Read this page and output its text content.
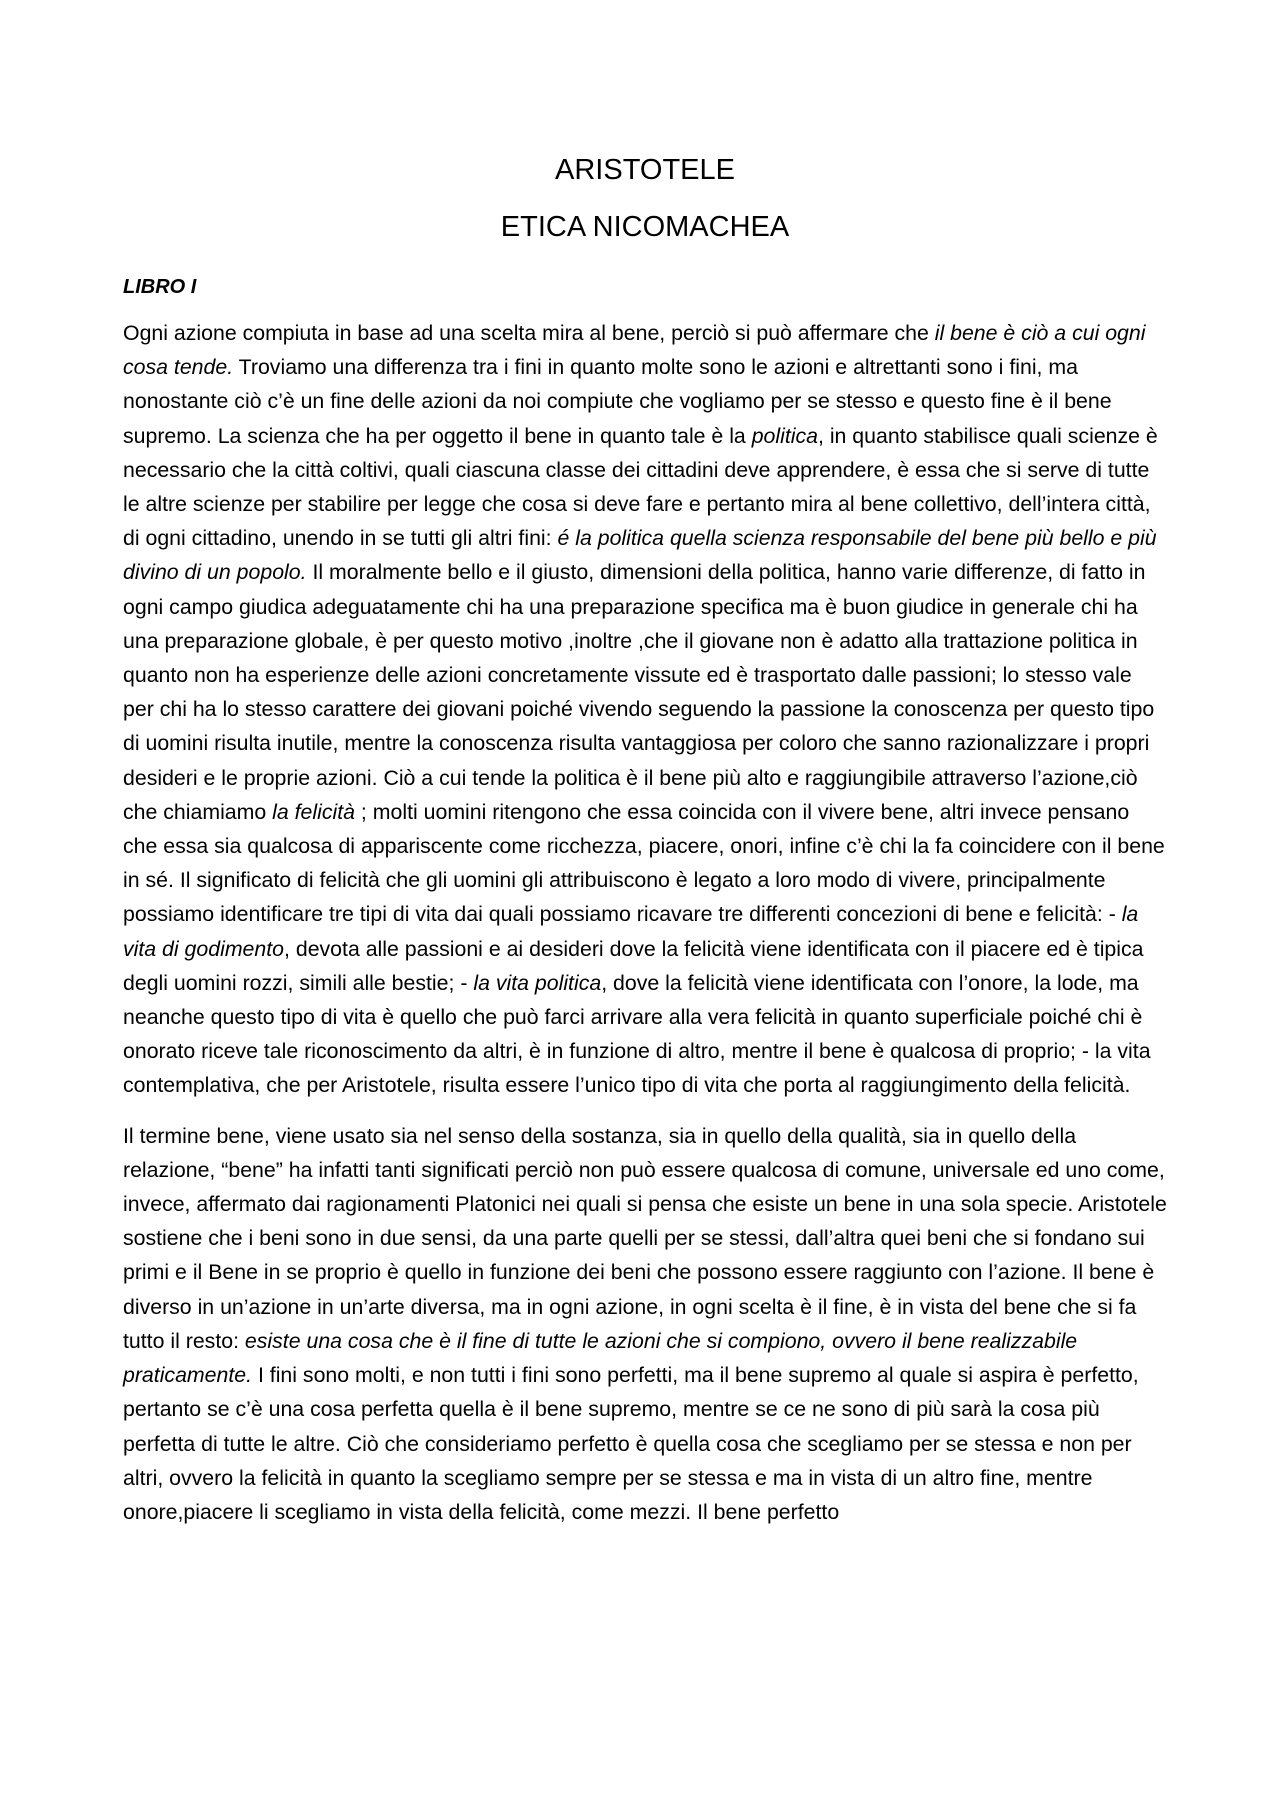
ARISTOTELE
ETICA NICOMACHEA
LIBRO I

Ogni azione compiuta in base ad una scelta mira al bene, perciò si può affermare che il bene è ciò a cui ogni cosa tende. Troviamo una differenza tra i fini in quanto molte sono le azioni e altrettanti sono i fini, ma nonostante ciò c’è un fine delle azioni da noi compiute che vogliamo per se stesso e questo fine è il bene supremo. La scienza che ha per oggetto il bene in quanto tale è la politica, in quanto stabilisce quali scienze è necessario che la città coltivi, quali ciascuna classe dei cittadini deve apprendere, è essa che si serve di tutte le altre scienze per stabilire per legge che cosa si deve fare e pertanto mira al bene collettivo, dell’intera città, di ogni cittadino, unendo in se tutti gli altri fini: é la politica quella scienza responsabile del bene più bello e più divino di un popolo. Il moralmente bello e il giusto, dimensioni della politica, hanno varie differenze, di fatto in ogni campo giudica adeguatamente chi ha una preparazione specifica ma è buon giudice in generale chi ha una preparazione globale, è per questo motivo ,inoltre ,che il giovane non è adatto alla trattazione politica in quanto non ha esperienze delle azioni concretamente vissute ed è trasportato dalle passioni; lo stesso vale per chi ha lo stesso carattere dei giovani poiché vivendo seguendo la passione la conoscenza per questo tipo di uomini risulta inutile, mentre la conoscenza risulta vantaggiosa per coloro che sanno razionalizzare i propri desideri e le proprie azioni. Ciò a cui tende la politica è il bene più alto e raggiungibile attraverso l’azione,ciò che chiamiamo la felicità ; molti uomini ritengono che essa coincida con il vivere bene, altri invece pensano che essa sia qualcosa di appariscente come ricchezza, piacere, onori, infine c’è chi la fa coincidere con il bene in sé. Il significato di felicità che gli uomini gli attribuiscono è legato a loro modo di vivere, principalmente possiamo identificare tre tipi di vita dai quali possiamo ricavare tre differenti concezioni di bene e felicità: - la vita di godimento, devota alle passioni e ai desideri dove la felicità viene identificata con il piacere ed è tipica degli uomini rozzi, simili alle bestie; - la vita politica, dove la felicità viene identificata con l’onore, la lode, ma neanche questo tipo di vita è quello che può farci arrivare alla vera felicità in quanto superficiale poiché chi è onorato riceve tale riconoscimento da altri, è in funzione di altro, mentre il bene è qualcosa di proprio; - la vita contemplativa, che per Aristotele, risulta essere l’unico tipo di vita che porta al raggiungimento della felicità.

Il termine bene, viene usato sia nel senso della sostanza, sia in quello della qualità, sia in quello della relazione, “bene” ha infatti tanti significati perciò non può essere qualcosa di comune, universale ed uno come, invece, affermato dai ragionamenti Platonici nei quali si pensa che esiste un bene in una sola specie. Aristotele sostiene che i beni sono in due sensi, da una parte quelli per se stessi, dall’altra quei beni che si fondano sui primi e il Bene in se proprio è quello in funzione dei beni che possono essere raggiunto con l’azione. Il bene è diverso in un’azione in un’arte diversa, ma in ogni azione, in ogni scelta è il fine, è in vista del bene che si fa tutto il resto: esiste una cosa che è il fine di tutte le azioni che si compiono, ovvero il bene realizzabile praticamente. I fini sono molti, e non tutti i fini sono perfetti, ma il bene supremo al quale si aspira è perfetto, pertanto se c’è una cosa perfetta quella è il bene supremo, mentre se ce ne sono di più sarà la cosa più perfetta di tutte le altre. Ciò che consideriamo perfetto è quella cosa che scegliamo per se stessa e non per altri, ovvero la felicità in quanto la scegliamo sempre per se stessa e ma in vista di un altro fine, mentre onore,piacere li scegliamo in vista della felicità, come mezzi. Il bene perfetto
